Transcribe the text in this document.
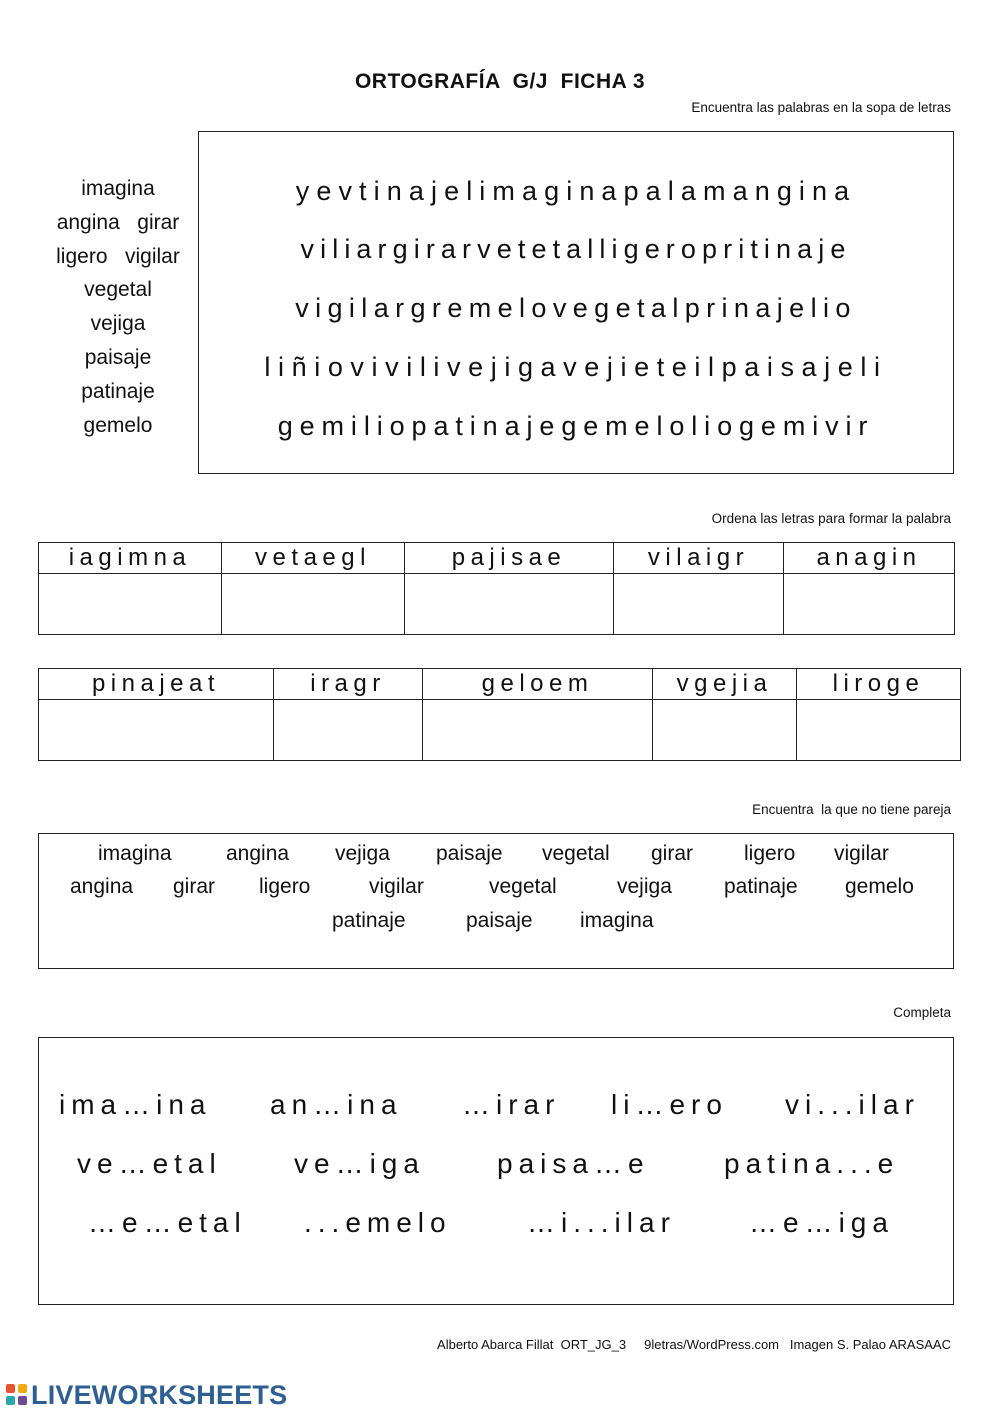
ORTOGRAFÍA  G/J  FICHA 3
Encuentra las palabras en la sopa de letras
imagina
angina   girar
ligero   vigilar
vegetal
vejiga
paisaje
patinaje
gemelo
yevtinajelimaginapalamangina
viliargirarvetetalligeropritinaje
vigilargremelovegetalprinajelio
liñiovivilivejigavejieteilpaisajeli
gemiliopatinajegemeloliogemivir
Ordena las letras para formar la palabra
iagimna	vetaegl	pajisae	vilaigr	anagin

pinajeat	iragr	geloem	vgejia	liroge

Encuentra  la que no tiene pareja
imagina	angina vejiga paisaje vegetal girar ligero vigilar
angina girar ligero	vigilar	vegetal	vejiga patinaje gemelo
patinaje	paisaje imagina
Completa
ima…ina an…ina …irar li…ero vi...ilar
ve…etal	ve…iga	paisa…e	patina...e
…e…etal ...emelo	…i...ilar	…e…iga
Alberto Abarca Fillat  ORT_JG_3     9letras/WordPress.com   Imagen S. Palao ARASAAC
LIVEWORKSHEETS
